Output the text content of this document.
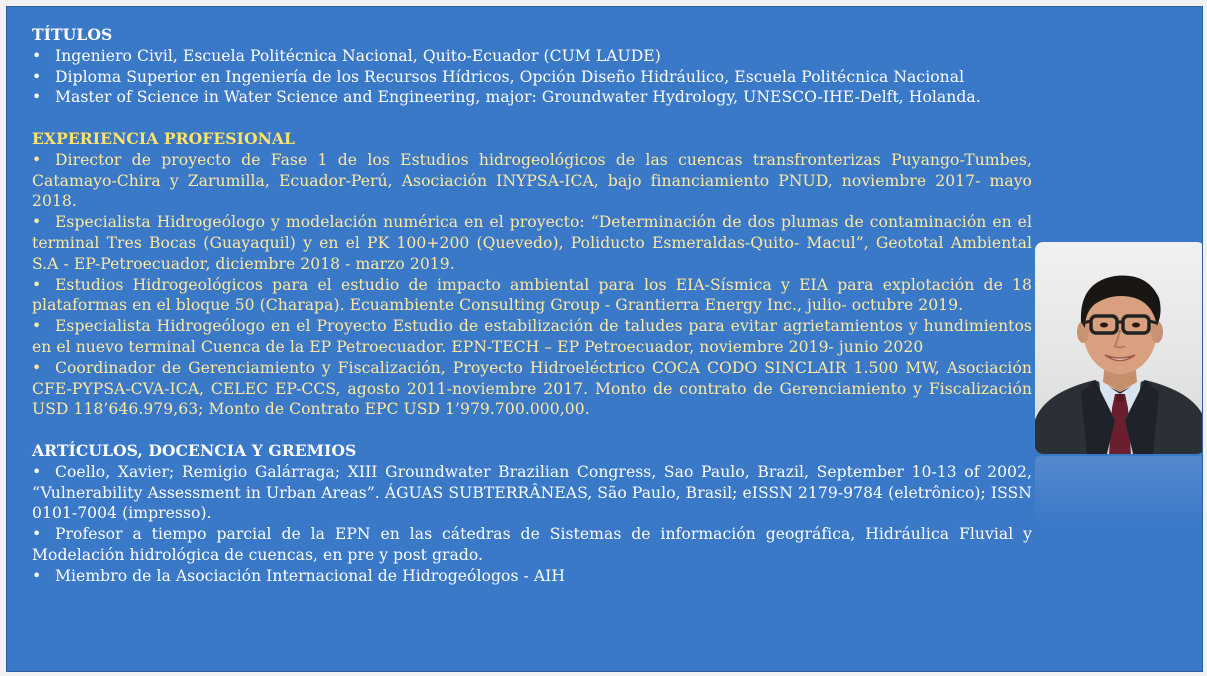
TÍTULOS

• Ingeniero Civil, Escuela Politécnica Nacional, Quito-Ecuador (CUM LAUDE)

• Diploma Superior en Ingeniería de los Recursos Hídricos, Opción Diseño Hidráulico, Escuela Politécnica Nacional

• Master of Science in Water Science and Engineering, major: Groundwater Hydrology, UNESCO-IHE-Delft, Holanda.

EXPERIENCIA PROFESIONAL

• Director de proyecto de Fase 1 de los Estudios hidrogeológicos de las cuencas transfronterizas Puyango-Tumbes, Catamayo-Chira y Zarumilla, Ecuador-Perú, Asociación INYPSA-ICA, bajo financiamiento PNUD, noviembre 2017- mayo 2018.

• Especialista Hidrogeólogo y modelación numérica en el proyecto: “Determinación de dos plumas de contaminación en el terminal Tres Bocas (Guayaquil) y en el PK 100+200 (Quevedo), Poliducto Esmeraldas-Quito- Macul”, Geototal Ambiental S.A - EP-Petroecuador, diciembre 2018 - marzo 2019.

• Estudios Hidrogeológicos para el estudio de impacto ambiental para los EIA-Sísmica y EIA para explotación de 18 plataformas en el bloque 50 (Charapa). Ecuambiente Consulting Group - Grantierra Energy Inc., julio- octubre 2019.

• Especialista Hidrogeólogo en el Proyecto Estudio de estabilización de taludes para evitar agrietamientos y hundimientos en el nuevo terminal Cuenca de la EP Petroecuador. EPN-TECH – EP Petroecuador, noviembre 2019- junio 2020

• Coordinador de Gerenciamiento y Fiscalización, Proyecto Hidroeléctrico COCA CODO SINCLAIR 1.500 MW, Asociación CFE-PYPSA-CVA-ICA, CELEC EP-CCS, agosto 2011-noviembre 2017. Monto de contrato de Gerenciamiento y Fiscalización USD 118’646.979,63; Monto de Contrato EPC USD 1’979.700.000,00.

ARTÍCULOS, DOCENCIA Y GREMIOS

• Coello, Xavier; Remigio Galárraga; XIII Groundwater Brazilian Congress, Sao Paulo, Brazil, September 10-13 of 2002, “Vulnerability Assessment in Urban Areas”. ÁGUAS SUBTERRÂNEAS, São Paulo, Brasil; eISSN 2179-9784 (eletrônico); ISSN 0101-7004 (impresso).

• Profesor a tiempo parcial de la EPN en las cátedras de Sistemas de información geográfica, Hidráulica Fluvial y Modelación hidrológica de cuencas, en pre y post grado.

• Miembro de la Asociación Internacional de Hidrogeólogos - AIH
